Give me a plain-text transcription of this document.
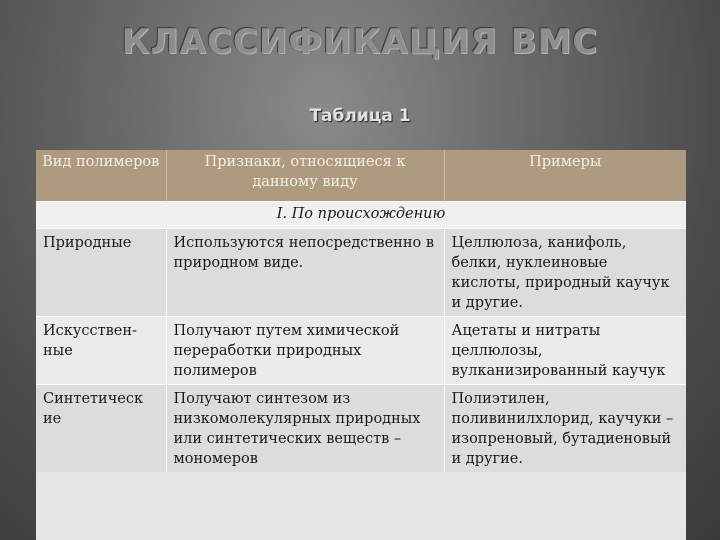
КЛАССИФИКАЦИЯ ВМС
Таблица 1
Вид полимеров	Признаки, относящиеся к данному виду	Примеры
I. По происхождению		
Природные	Используются непосредственно в природном виде.	Целлюлоза, канифоль, белки, нуклеиновые кислоты, природный каучук и другие.
Искусственные	Получают путем химической переработки природных полимеров	Ацетаты и нитраты целлюлозы, вулканизированный каучук
Синтетическ ие	Получают синтезом из низкомолекулярных природных или синтетических веществ – мономеров	Полиэтилен, поливинилхлорид, каучуки – изопреновый, бутадиеновый и другие.
